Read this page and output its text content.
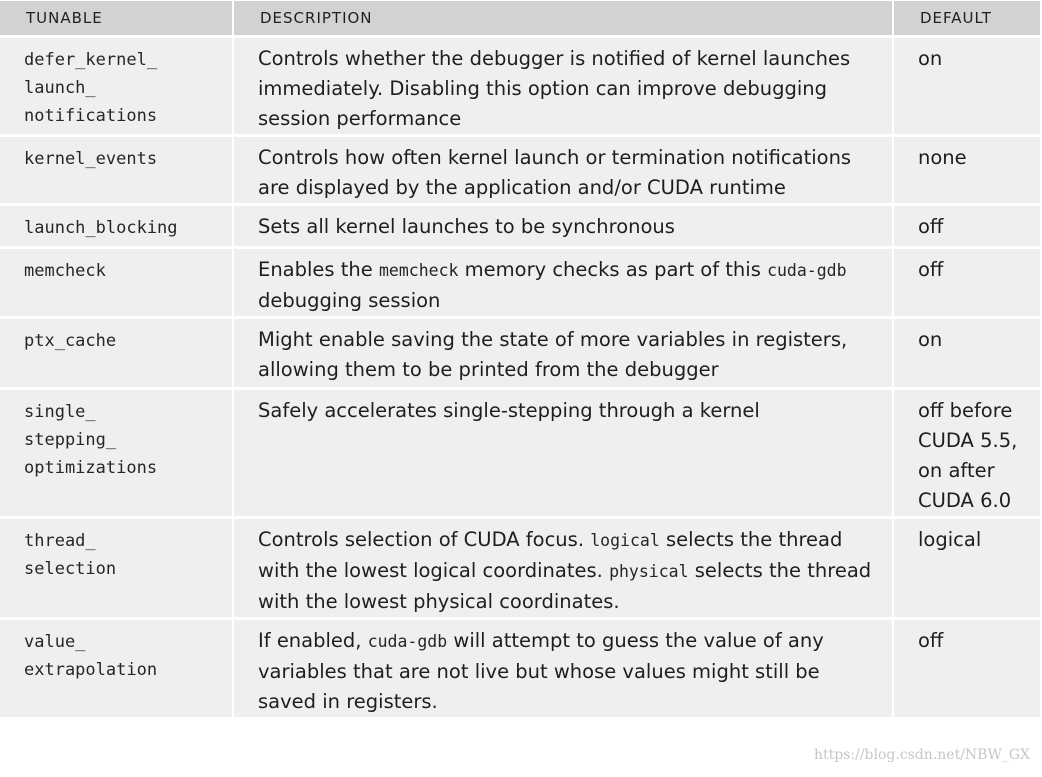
TUNABLE	DESCRIPTION	DEFAULT
defer_kernel_
launch_
notifications	Controls whether the debugger is notified of kernel launches immediately. Disabling this option can improve debugging session performance	on
kernel_events	Controls how often kernel launch or termination notifications are displayed by the application and/or CUDA runtime	none
launch_blocking	Sets all kernel launches to be synchronous	off
memcheck	Enables the memcheck memory checks as part of this cuda-gdb debugging session	off
ptx_cache	Might enable saving the state of more variables in registers, allowing them to be printed from the debugger	on
single_
stepping_
optimizations	Safely accelerates single-stepping through a kernel	off before CUDA 5.5, on after CUDA 6.0
thread_
selection	Controls selection of CUDA focus. logical selects the thread with the lowest logical coordinates. physical selects the thread with the lowest physical coordinates.	logical
value_
extrapolation	If enabled, cuda-gdb will attempt to guess the value of any variables that are not live but whose values might still be saved in registers.	off
https://blog.csdn.net/NBW_GX
